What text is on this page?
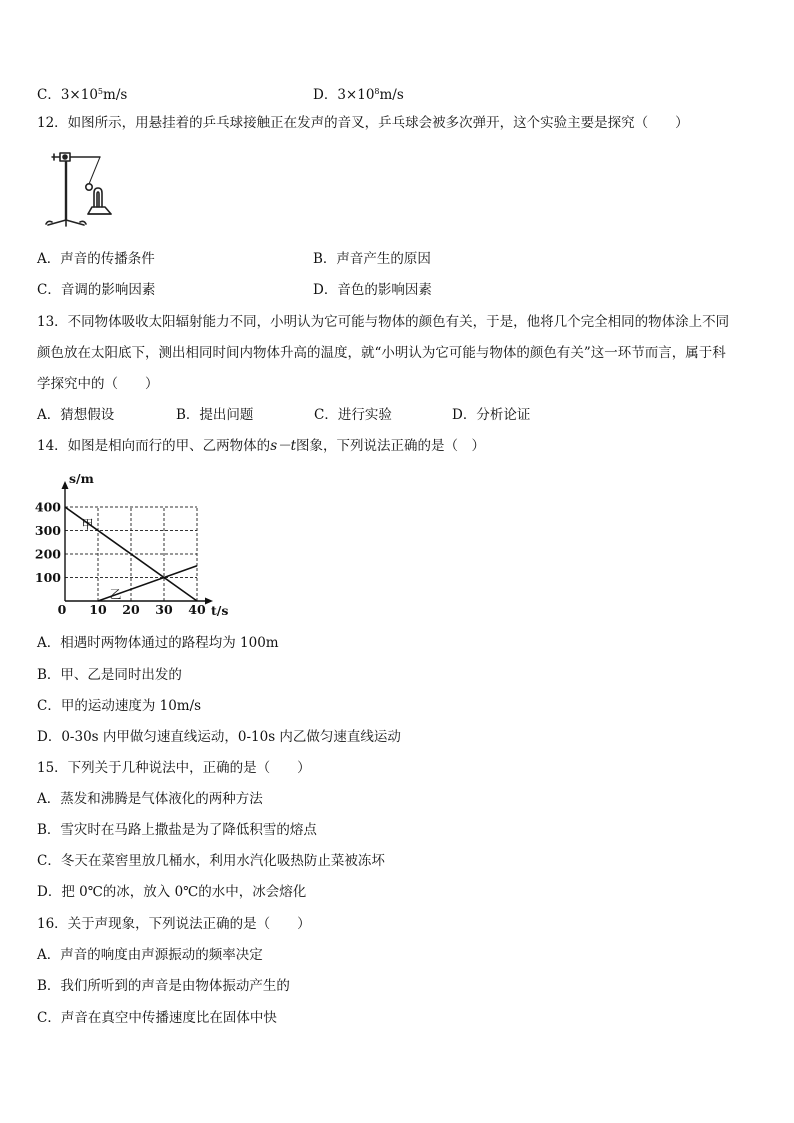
C．$3\times 10^5m/s$	D．$3\times 10^8m/s$
12．如图所示，用悬挂着的乒乓球接触正在发声的音叉，乒乓球会被多次弹开，这个实验主要是探究（　　）
A．声音的传播条件	B．声音产生的原因
C．音调的影响因素	D．音色的影响因素
13．不同物体吸收太阳辐射能力不同，小明认为它可能与物体的颜色有关，于是，他将几个完全相同的物体涂上不同
颜色放在太阳底下，测出相同时间内物体升高的温度，就“小明认为它可能与物体的颜色有关”这一环节而言，属于科
学探究中的（　　）
A．猜想假设	B．提出问题	C．进行实验	D．分析论证
14．如图是相向而行的甲、乙两物体的s－t图象，下列说法正确的是（　）
100
200
300
400
0 10 20 30 40
s/m
t/s
甲
乙
A．相遇时两物体通过的路程均为 100m
B．甲、乙是同时出发的
C．甲的运动速度为 10m/s
D．0-30s 内甲做匀速直线运动，0-10s 内乙做匀速直线运动
15．下列关于几种说法中，正确的是（　　）
A．蒸发和沸腾是气体液化的两种方法
B．雪灾时在马路上撒盐是为了降低积雪的熔点
C．冬天在菜窖里放几桶水，利用水汽化吸热防止菜被冻坏
D．把 0℃的冰，放入 0℃的水中，冰会熔化
16．关于声现象，下列说法正确的是（　　）
A．声音的响度由声源振动的频率决定
B．我们所听到的声音是由物体振动产生的
C．声音在真空中传播速度比在固体中快
